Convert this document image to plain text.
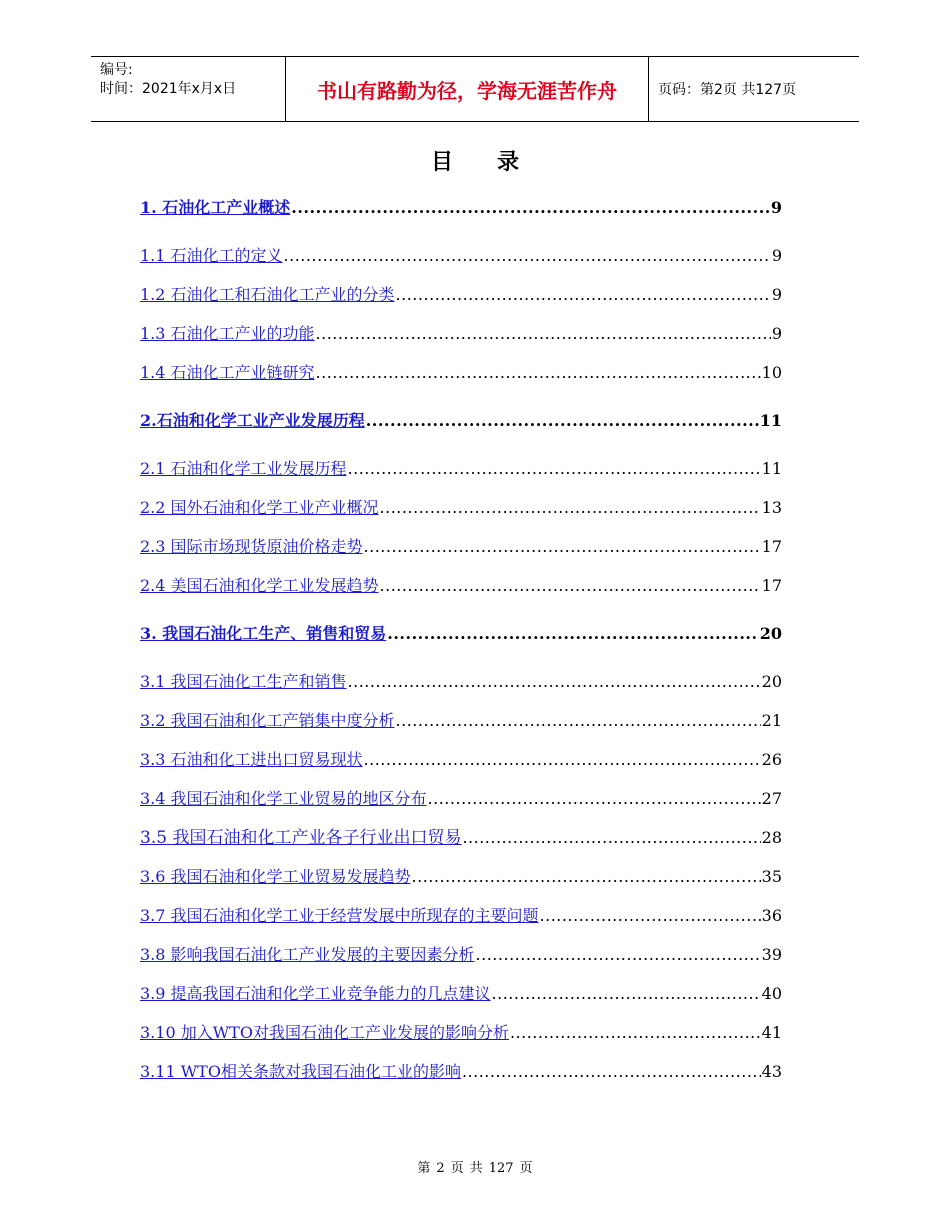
编号:
时间：2021年x月x日	书山有路勤为径，学海无涯苦作舟	页码：第2页 共127页
目录
1. 石油化工产业概述 .....	9
1.1 石油化工的定义 .....	9
1.2 石油化工和石油化工产业的分类 .....	9
1.3 石油化工产业的功能 .....	9
1.4 石油化工产业链研究 .....	10
2.石油和化学工业产业发展历程 .....	11
2.1 石油和化学工业发展历程 .....	11
2.2 国外石油和化学工业产业概况 .....	13
2.3 国际市场现货原油价格走势 .....	17
2.4 美国石油和化学工业发展趋势 .....	17
3. 我国石油化工生产、销售和贸易 .....	20
3.1 我国石油化工生产和销售 .....	20
3.2 我国石油和化工产销集中度分析 .....	21
3.3 石油和化工进出口贸易现状 .....	26
3.4 我国石油和化学工业贸易的地区分布 .....	27
3.5 我国石油和化工产业各子行业出口贸易 .....	28
3.6 我国石油和化学工业贸易发展趋势 .....	35
3.7 我国石油和化学工业于经营发展中所现存的主要问题 .....	36
3.8 影响我国石油化工产业发展的主要因素分析 .....	39
3.9 提高我国石油和化学工业竞争能力的几点建议 .....	40
3.10 加入WTO对我国石油化工产业发展的影响分析 .....	41
3.11 WTO相关条款对我国石油化工业的影响 .....	43
第 2 页 共 127 页
